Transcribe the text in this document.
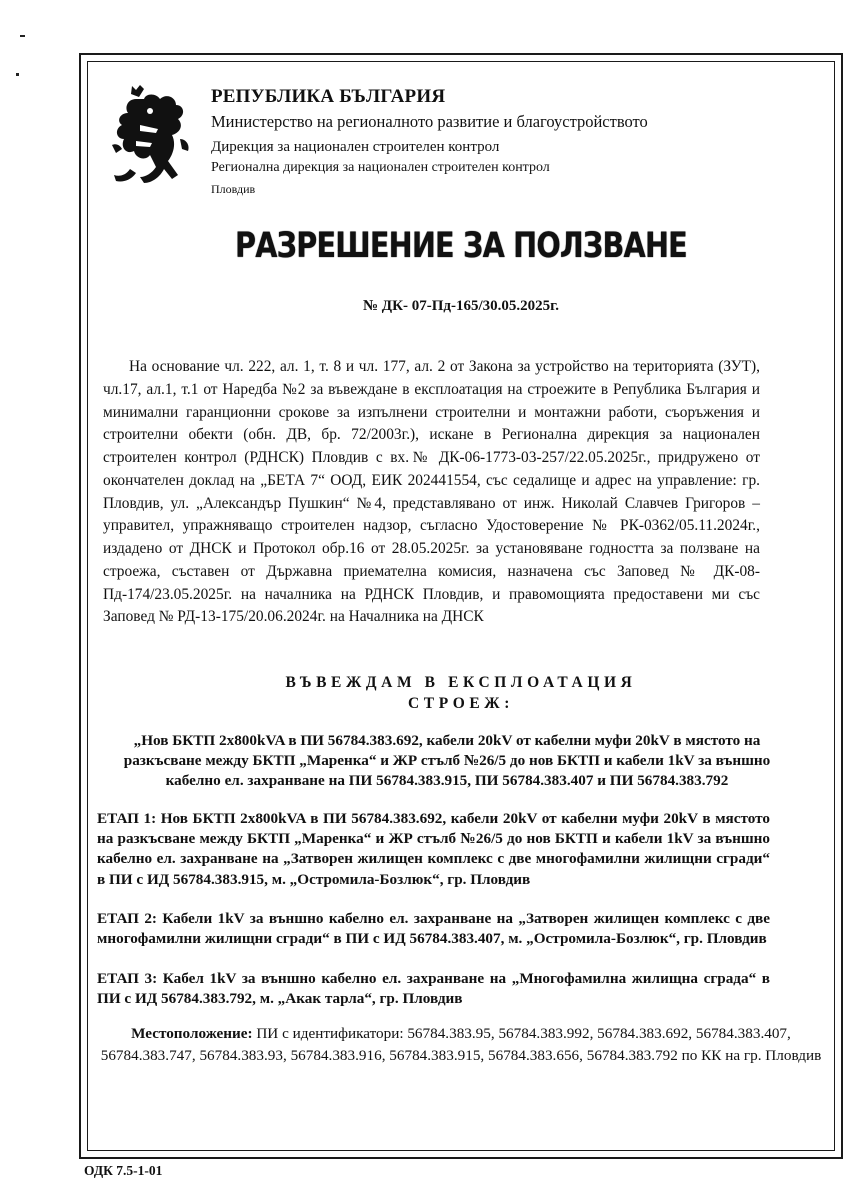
РЕПУБЛИКА БЪЛГАРИЯ
Министерство на регионалното развитие и благоустройството
Дирекция за национален строителен контрол
Регионална дирекция за национален строителен контрол
Пловдив
РАЗРЕШЕНИЕ ЗА ПОЛЗВАНЕ
№ ДК- 07-Пд-165/30.05.2025г.

На основание чл. 222, ал. 1, т. 8 и чл. 177, ал. 2 от Закона за устройство на територията (ЗУТ), чл.17, ал.1, т.1 от Наредба №2 за въвеждане в експлоатация на строежите в Република България и минимални гаранционни срокове за изпълнени строителни и монтажни работи, съоръжения и строителни обекти (обн. ДВ, бр. 72/2003г.), искане в Регионална дирекция за национален строителен контрол (РДНСК) Пловдив с вх.№ ДК-06-1773-03-257/22.05.2025г., придружено от окончателен доклад на „БЕТА 7“ ООД, ЕИК 202441554, със седалище и адрес на управление: гр. Пловдив, ул. „Александър Пушкин“ №4, представлявано от инж. Николай Славчев Григоров – управител, упражняващо строителен надзор, съгласно Удостоверение № РК-0362/05.11.2024г., издадено от ДНСК и Протокол обр.16 от 28.05.2025г. за установяване годността за ползване на строежа, съставен от Държавна приемателна комисия, назначена със Заповед № ДК-08-Пд-174/23.05.2025г. на началника на РДНСК Пловдив, и правомощията предоставени ми със Заповед № РД-13-175/20.06.2024г. на Началника на ДНСК

ВЪВЕЖДАМ В ЕКСПЛОАТАЦИЯ
СТРОЕЖ:

„Нов БКТП 2х800kVA в ПИ 56784.383.692, кабели 20kV от кабелни муфи 20kV в мястото на разкъсване между БКТП „Маренка“ и ЖР стълб №26/5 до нов БКТП и кабели 1kV за външно кабелно ел. захранване на ПИ 56784.383.915, ПИ 56784.383.407 и ПИ 56784.383.792

ЕТАП 1: Нов БКТП 2х800kVA в ПИ 56784.383.692, кабели 20kV от кабелни муфи 20kV в мястото на разкъсване между БКТП „Маренка“ и ЖР стълб №26/5 до нов БКТП и кабели 1kV за външно кабелно ел. захранване на „Затворен жилищен комплекс с две многофамилни жилищни сгради“ в ПИ с ИД 56784.383.915, м. „Остромила-Бозлюк“, гр. Пловдив

ЕТАП 2: Кабели 1kV за външно кабелно ел. захранване на „Затворен жилищен комплекс с две многофамилни жилищни сгради“ в ПИ с ИД 56784.383.407, м. „Остромила-Бозлюк“, гр. Пловдив

ЕТАП 3: Кабел 1kV за външно кабелно ел. захранване на „Многофамилна жилищна сграда“ в ПИ с ИД 56784.383.792, м. „Акак тарла“, гр. Пловдив

Местоположение: ПИ с идентификатори: 56784.383.95, 56784.383.992, 56784.383.692, 56784.383.407, 56784.383.747, 56784.383.93, 56784.383.916, 56784.383.915, 56784.383.656, 56784.383.792 по КК на гр. Пловдив

ОДК 7.5-1-01
